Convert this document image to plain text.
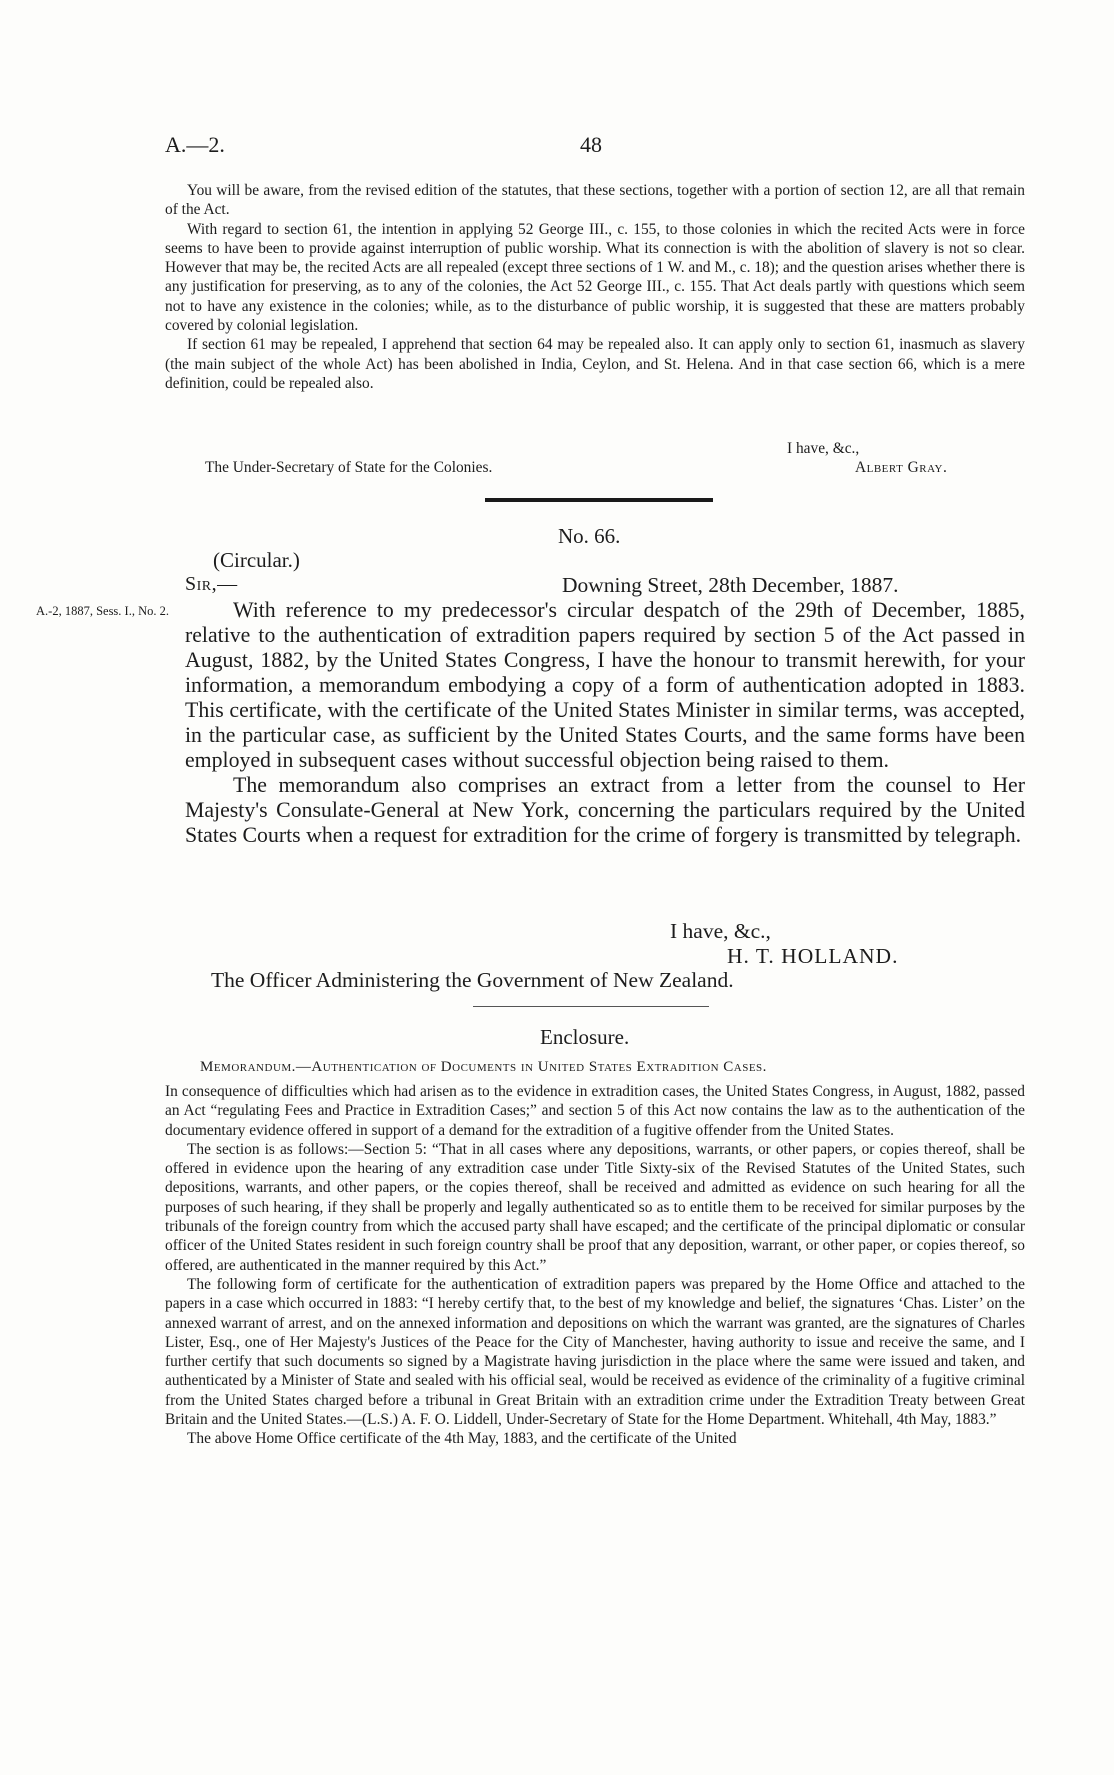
A.—2.	48

You will be aware, from the revised edition of the statutes, that these sections, together with a portion of section 12, are all that remain of the Act.

With regard to section 61, the intention in applying 52 George III., c. 155, to those colonies in which the recited Acts were in force seems to have been to provide against interruption of public worship. What its connection is with the abolition of slavery is not so clear. However that may be, the recited Acts are all repealed (except three sections of 1 W. and M., c. 18); and the question arises whether there is any justification for preserving, as to any of the colonies, the Act 52 George III., c. 155. That Act deals partly with questions which seem not to have any existence in the colonies; while, as to the disturbance of public worship, it is suggested that these are matters probably covered by colonial legislation.

If section 61 may be repealed, I apprehend that section 64 may be repealed also. It can apply only to section 61, inasmuch as slavery (the main subject of the whole Act) has been abolished in India, Ceylon, and St. Helena. And in that case section 66, which is a mere definition, could be repealed also.

I have, &c.,
The Under-Secretary of State for the Colonies.	Albert Gray.
No. 66.
(Circular.)
Sir,—	Downing Street, 28th December, 1887.
A.-2, 1887, Sess. I., No. 2.	With reference to my predecessor's circular despatch of the 29th of December, 1885, relative to the authentication of extradition papers required by section 5 of the Act passed in August, 1882, by the United States Congress, I have the honour to transmit herewith, for your information, a memorandum embodying a copy of a form of authentication adopted in 1883. This certificate, with the certificate of the United States Minister in similar terms, was accepted, in the particular case, as sufficient by the United States Courts, and the same forms have been employed in subsequent cases without successful objection being raised to them.

The memorandum also comprises an extract from a letter from the counsel to Her Majesty's Consulate-General at New York, concerning the particulars required by the United States Courts when a request for extradition for the crime of forgery is transmitted by telegraph.

I have, &c.,
H. T. HOLLAND.
The Officer Administering the Government of New Zealand.
Enclosure.
Memorandum.—Authentication of Documents in United States Extradition Cases.

In consequence of difficulties which had arisen as to the evidence in extradition cases, the United States Congress, in August, 1882, passed an Act “regulating Fees and Practice in Extradition Cases;” and section 5 of this Act now contains the law as to the authentication of the documentary evidence offered in support of a demand for the extradition of a fugitive offender from the United States.

The section is as follows:—Section 5: “That in all cases where any depositions, warrants, or other papers, or copies thereof, shall be offered in evidence upon the hearing of any extradition case under Title Sixty-six of the Revised Statutes of the United States, such depositions, warrants, and other papers, or the copies thereof, shall be received and admitted as evidence on such hearing for all the purposes of such hearing, if they shall be properly and legally authenticated so as to entitle them to be received for similar purposes by the tribunals of the foreign country from which the accused party shall have escaped; and the certificate of the principal diplomatic or consular officer of the United States resident in such foreign country shall be proof that any deposition, warrant, or other paper, or copies thereof, so offered, are authenticated in the manner required by this Act.”

The following form of certificate for the authentication of extradition papers was prepared by the Home Office and attached to the papers in a case which occurred in 1883: “I hereby certify that, to the best of my knowledge and belief, the signatures ‘Chas. Lister’ on the annexed warrant of arrest, and on the annexed information and depositions on which the warrant was granted, are the signatures of Charles Lister, Esq., one of Her Majesty's Justices of the Peace for the City of Manchester, having authority to issue and receive the same, and I further certify that such documents so signed by a Magistrate having jurisdiction in the place where the same were issued and taken, and authenticated by a Minister of State and sealed with his official seal, would be received as evidence of the criminality of a fugitive criminal from the United States charged before a tribunal in Great Britain with an extradition crime under the Extradition Treaty between Great Britain and the United States.—(L.S.) A. F. O. Liddell, Under-Secretary of State for the Home Department. Whitehall, 4th May, 1883.”

The above Home Office certificate of the 4th May, 1883, and the certificate of the United
